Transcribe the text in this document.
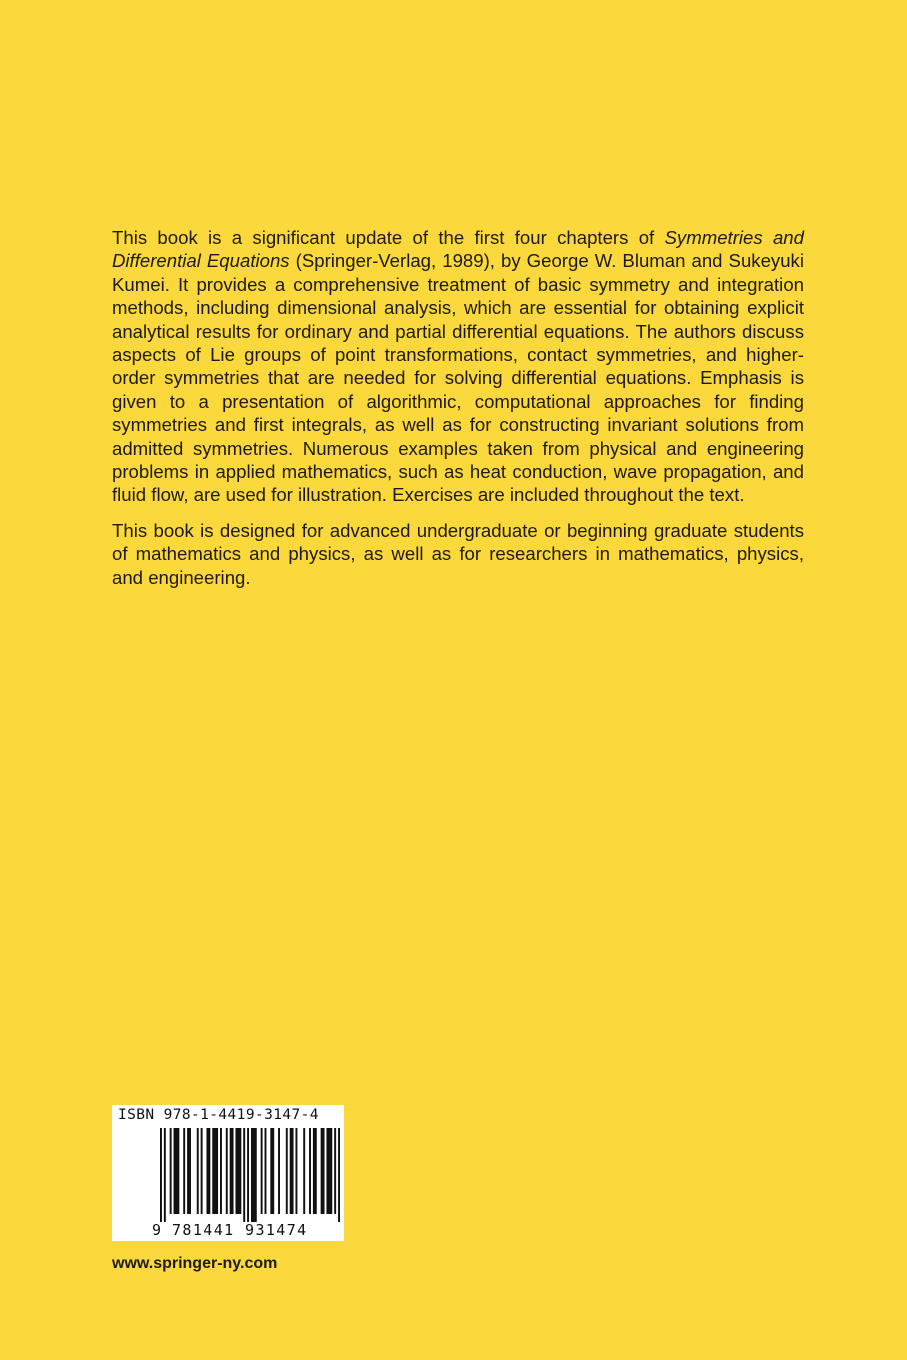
This book is a significant update of the first four chapters of Symmetries and Differential Equations (Springer-Verlag, 1989), by George W. Bluman and Sukeyuki Kumei. It provides a comprehensive treatment of basic symmetry and integration methods, including dimensional analysis, which are essential for obtaining explicit analytical results for ordinary and partial differential equations. The authors discuss aspects of Lie groups of point transformations, contact symmetries, and higher-order symmetries that are needed for solving differential equations. Emphasis is given to a presentation of algorithmic, computational approaches for finding symmetries and first integrals, as well as for constructing invariant solutions from admitted symmetries. Numerous examples taken from physical and engineering problems in applied mathematics, such as heat conduction, wave propagation, and fluid flow, are used for illustration. Exercises are included throughout the text.

This book is designed for advanced undergraduate or beginning graduate students of mathematics and physics, as well as for researchers in mathematics, physics, and engineering.

ISBN 978-1-4419-3147-4
9 781441 931474
www.springer-ny.com
